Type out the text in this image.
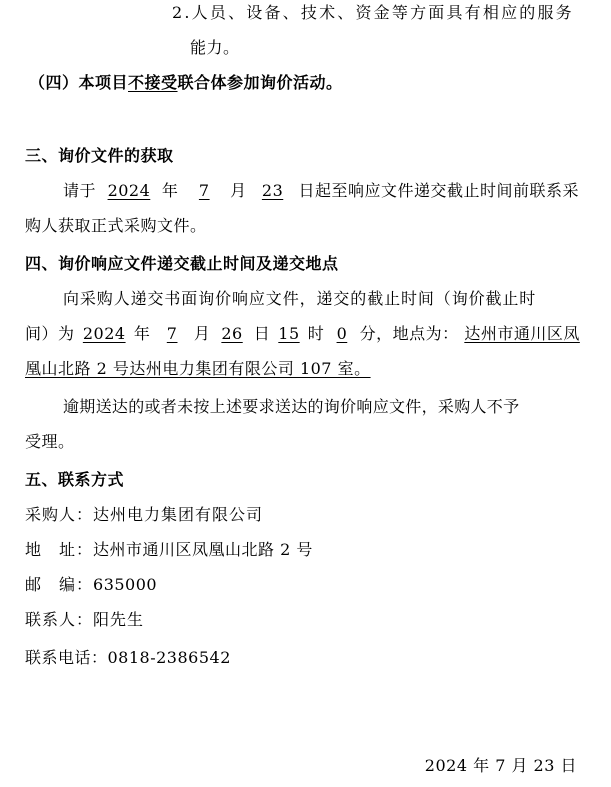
2.人员、设备、技术、资金等方面具有相应的服务
能力。
（四）本项目不接受联合体参加询价活动。
三、询价文件的获取
请于 2024 年	7	月 23 日起至响应文件递交截止时间前联系采
购人获取正式采购文件。
四、询价响应文件递交截止时间及递交地点
向采购人递交书面询价响应文件，递交的截止时间（询价截止时
间）为 2024 年	7	月 26 日 15 时 0 分，地点为： 达州市通川区凤
凰山北路 2 号达州电力集团有限公司 107 室。
逾期送达的或者未按上述要求送达的询价响应文件，采购人不予
受理。
五、联系方式
采购人：达州电力集团有限公司
地　址：达州市通川区凤凰山北路 2 号
邮　编：635000
联系人：阳先生
联系电话：0818-2386542
2024 年 7 月 23 日
